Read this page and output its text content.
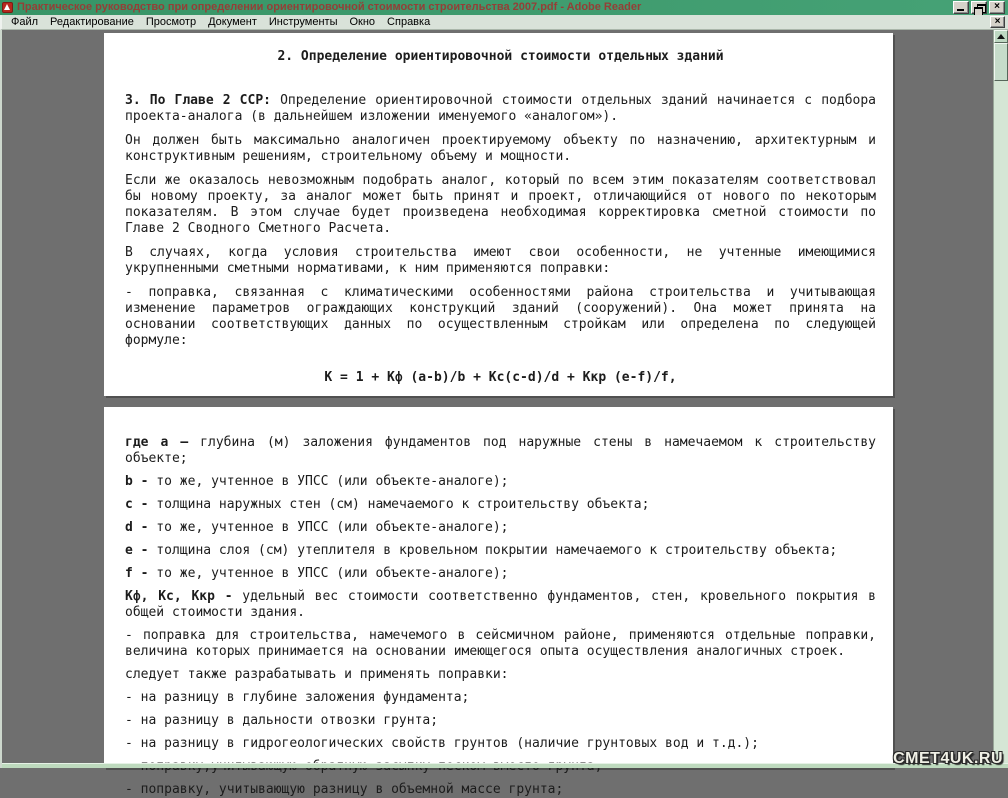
Практическое руководство при определении ориентировочной стоимости строительства 2007.pdf - Adobe Reader	×
Файл	Редактирование	Просмотр	Документ	Инструменты	Окно	Справка	×
2. Определение ориентировочной стоимости отдельных зданий

3. По Главе 2 ССР: Определение ориентировочной стоимости отдельных зданий начинается с подбора проекта-аналога (в дальнейшем изложении именуемого «аналогом»).

Он должен быть максимально аналогичен проектируемому объекту по назначению, архитектурным и конструктивным решениям, строительному объему и мощности.

Если же оказалось невозможным подобрать аналог, который по всем этим показателям соответствовал бы новому проекту, за аналог может быть принят и проект, отличающийся от нового по некоторым показателям. В этом случае будет произведена необходимая корректировка сметной стоимости по Главе 2 Сводного Сметного Расчета.

В случаях, когда условия строительства имеют свои особенности, не учтенные имеющимися укрупненными сметными нормативами, к ним применяются поправки:

- поправка, связанная с климатическими особенностями района строительства и учитывающая изменение параметров ограждающих конструкций зданий (сооружений). Она может принята на основании соответствующих данных по осуществленным стройкам или определена по следующей формуле:

К = 1 + Кф (a-b)/b + Кс(c-d)/d + Ккр (e-f)/f,

где a – глубина (м) заложения фундаментов под наружные стены в намечаемом к строительству объекте;

b - то же, учтенное в УПСС (или объекте-аналоге);

c - толщина наружных стен (см) намечаемого к строительству объекта;

d - то же, учтенное в УПСС (или объекте-аналоге);

e - толщина слоя (см) утеплителя в кровельном покрытии намечаемого к строительству объекта;

f - то же, учтенное в УПСС (или объекте-аналоге);

Кф, Кс, Ккр - удельный вес стоимости соответственно фундаментов, стен, кровельного покрытия в общей стоимости здания.

- поправка для строительства, намечемого в сейсмичном районе, применяются отдельные поправки, величина которых принимается на основании имеющегося опыта осуществления аналогичных строек.

следует также разрабатывать и применять поправки:

- на разницу в глубине заложения фундамента;

- на разницу в дальности отвозки грунта;

- на разницу в гидрогеологических свойств грунтов (наличие грунтовых вод и т.д.);

- поправку, учитывающую разницу в объемной массе грунта;

CMET4UK.RU
